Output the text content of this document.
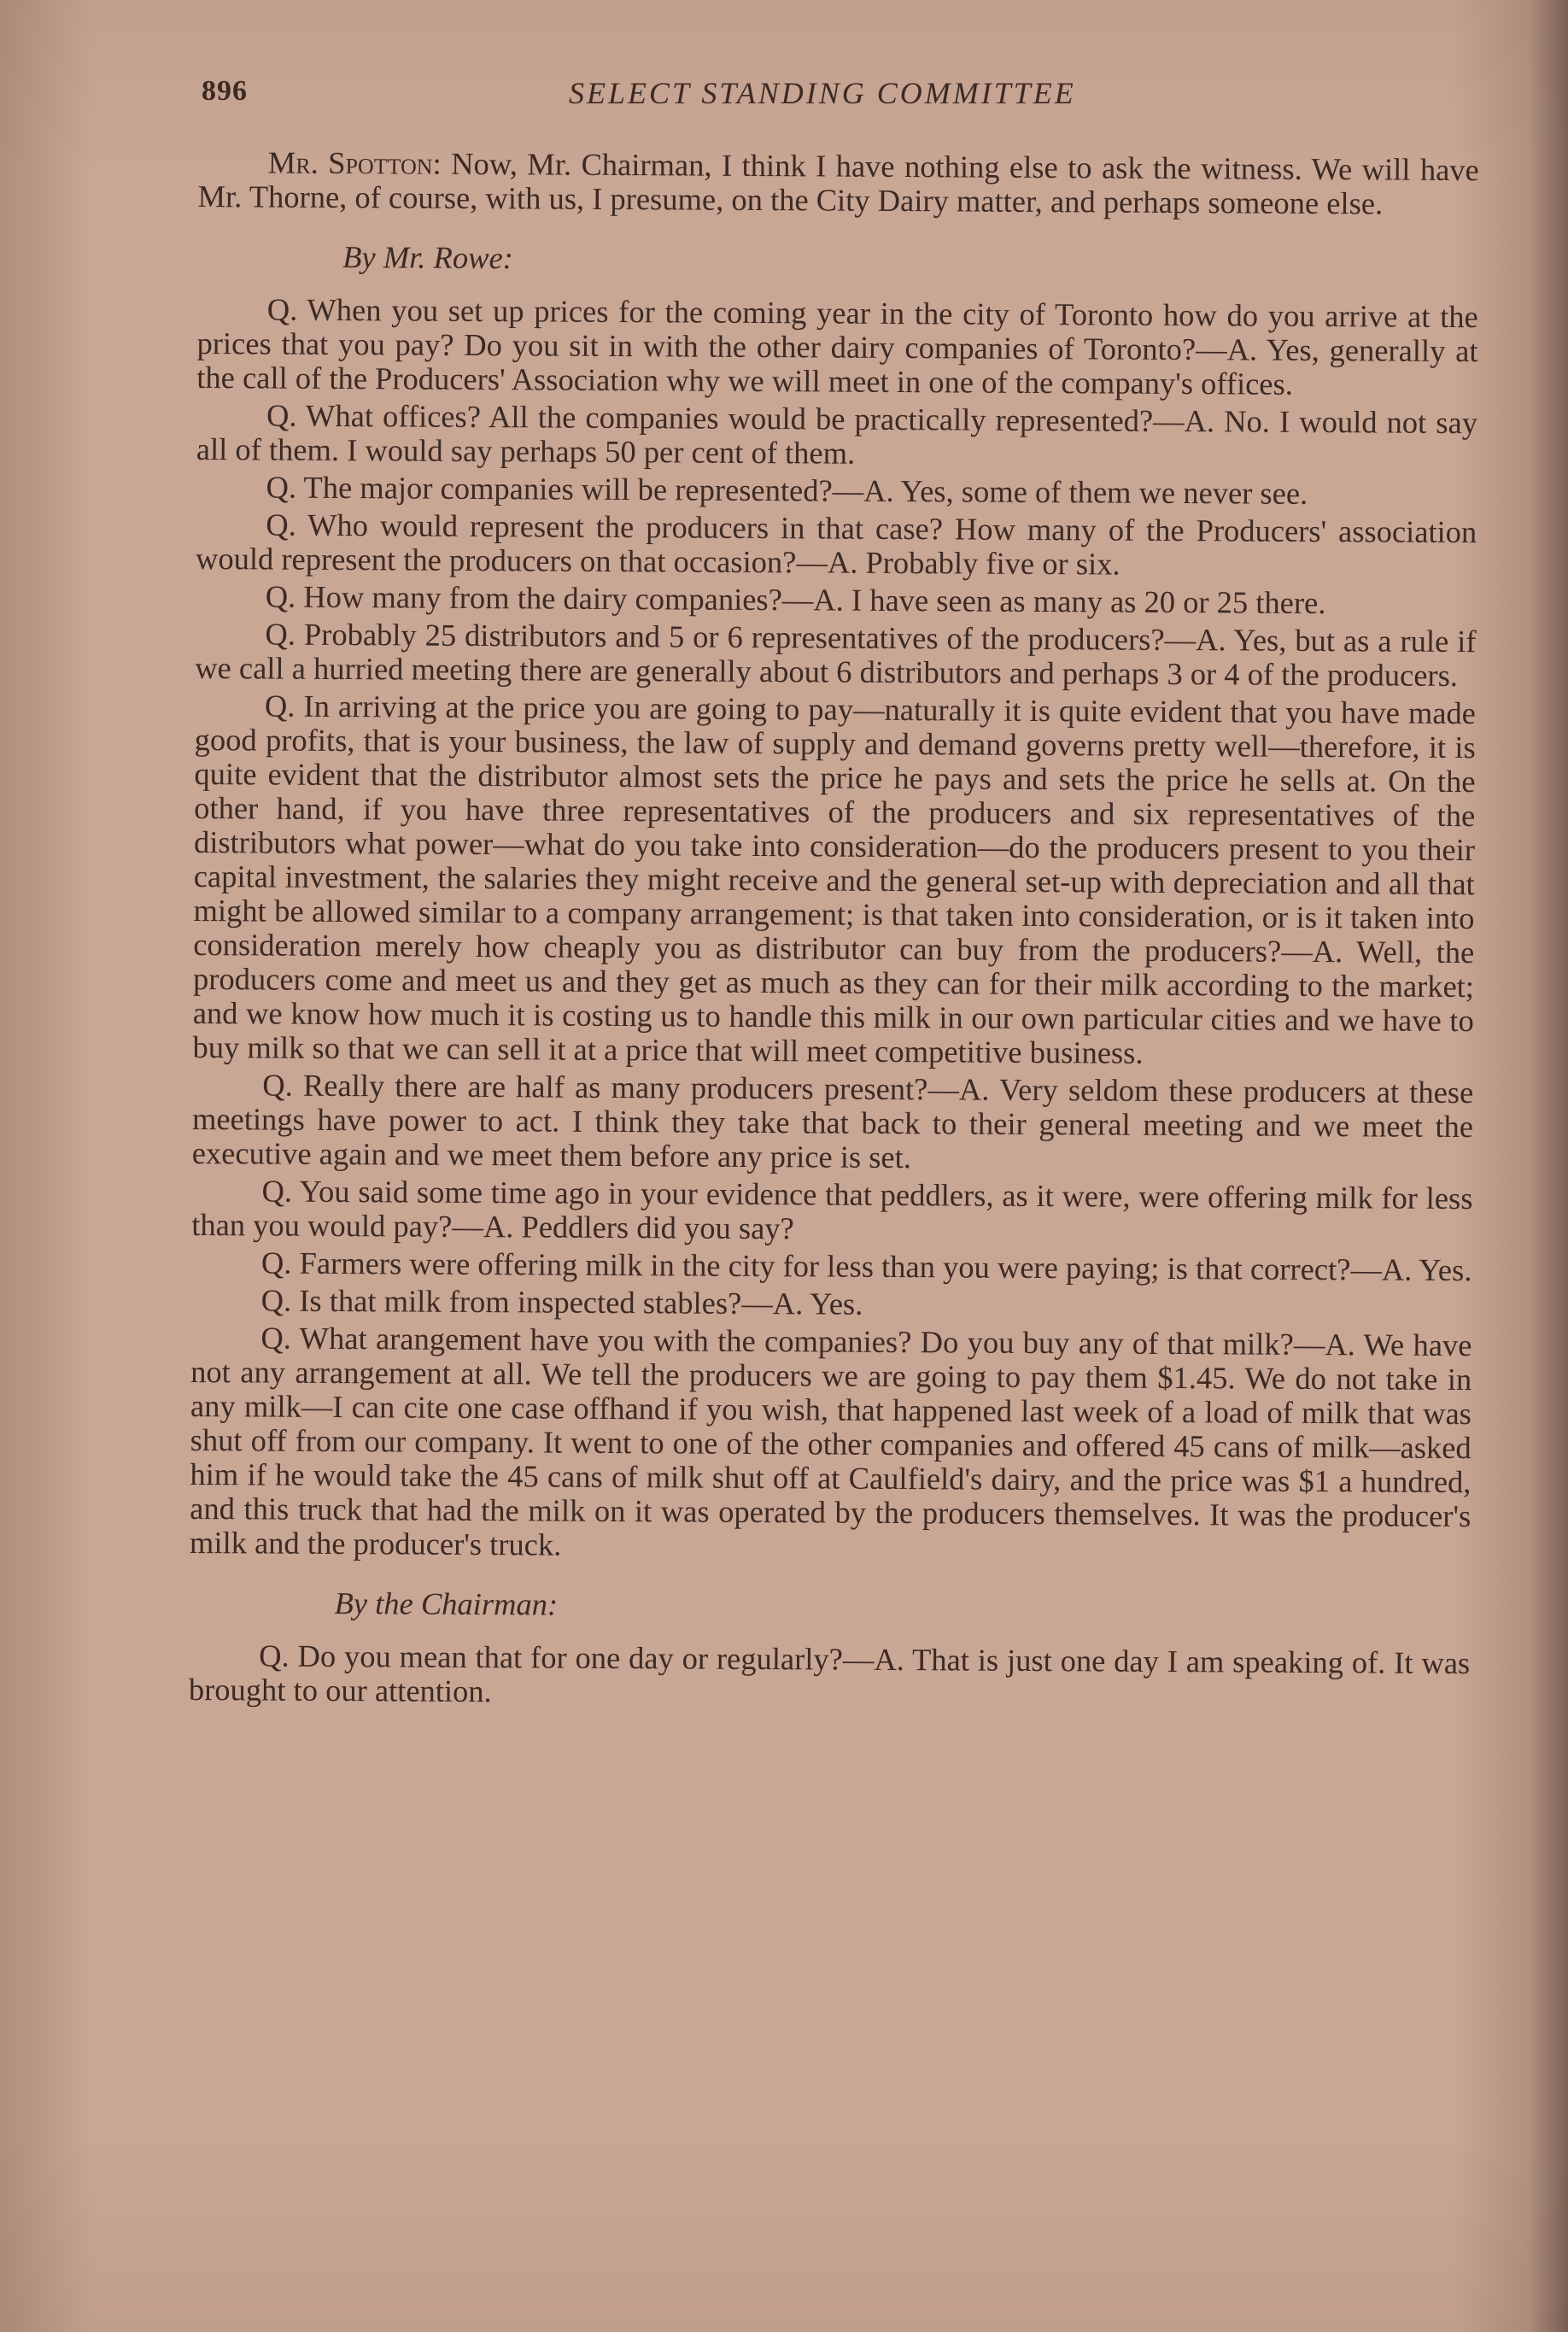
896	SELECT STANDING COMMITTEE

Mr. Spotton: Now, Mr. Chairman, I think I have nothing else to ask the witness. We will have Mr. Thorne, of course, with us, I presume, on the City Dairy matter, and perhaps someone else.

By Mr. Rowe:

Q. When you set up prices for the coming year in the city of Toronto how do you arrive at the prices that you pay? Do you sit in with the other dairy companies of Toronto?—A. Yes, generally at the call of the Producers' Association why we will meet in one of the company's offices.

Q. What offices? All the companies would be practically represented?—A. No. I would not say all of them. I would say perhaps 50 per cent of them.

Q. The major companies will be represented?—A. Yes, some of them we never see.

Q. Who would represent the producers in that case? How many of the Producers' association would represent the producers on that occasion?—A. Probably five or six.

Q. How many from the dairy companies?—A. I have seen as many as 20 or 25 there.

Q. Probably 25 distributors and 5 or 6 representatives of the producers?—A. Yes, but as a rule if we call a hurried meeting there are generally about 6 distributors and perhaps 3 or 4 of the producers.

Q. In arriving at the price you are going to pay—naturally it is quite evident that you have made good profits, that is your business, the law of supply and demand governs pretty well—therefore, it is quite evident that the distributor almost sets the price he pays and sets the price he sells at. On the other hand, if you have three representatives of the producers and six representatives of the distributors what power—what do you take into consideration—do the producers present to you their capital investment, the salaries they might receive and the general set-up with depreciation and all that might be allowed similar to a company arrangement; is that taken into consideration, or is it taken into consideration merely how cheaply you as distributor can buy from the producers?—A. Well, the producers come and meet us and they get as much as they can for their milk according to the market; and we know how much it is costing us to handle this milk in our own particular cities and we have to buy milk so that we can sell it at a price that will meet competitive business.

Q. Really there are half as many producers present?—A. Very seldom these producers at these meetings have power to act. I think they take that back to their general meeting and we meet the executive again and we meet them before any price is set.

Q. You said some time ago in your evidence that peddlers, as it were, were offering milk for less than you would pay?—A. Peddlers did you say?

Q. Farmers were offering milk in the city for less than you were paying; is that correct?—A. Yes.

Q. Is that milk from inspected stables?—A. Yes.

Q. What arangement have you with the companies? Do you buy any of that milk?—A. We have not any arrangement at all. We tell the producers we are going to pay them $1.45. We do not take in any milk—I can cite one case offhand if you wish, that happened last week of a load of milk that was shut off from our company. It went to one of the other companies and offered 45 cans of milk—asked him if he would take the 45 cans of milk shut off at Caulfield's dairy, and the price was $1 a hundred, and this truck that had the milk on it was operated by the producers themselves. It was the producer's milk and the producer's truck.

By the Chairman:

Q. Do you mean that for one day or regularly?—A. That is just one day I am speaking of. It was brought to our attention.
